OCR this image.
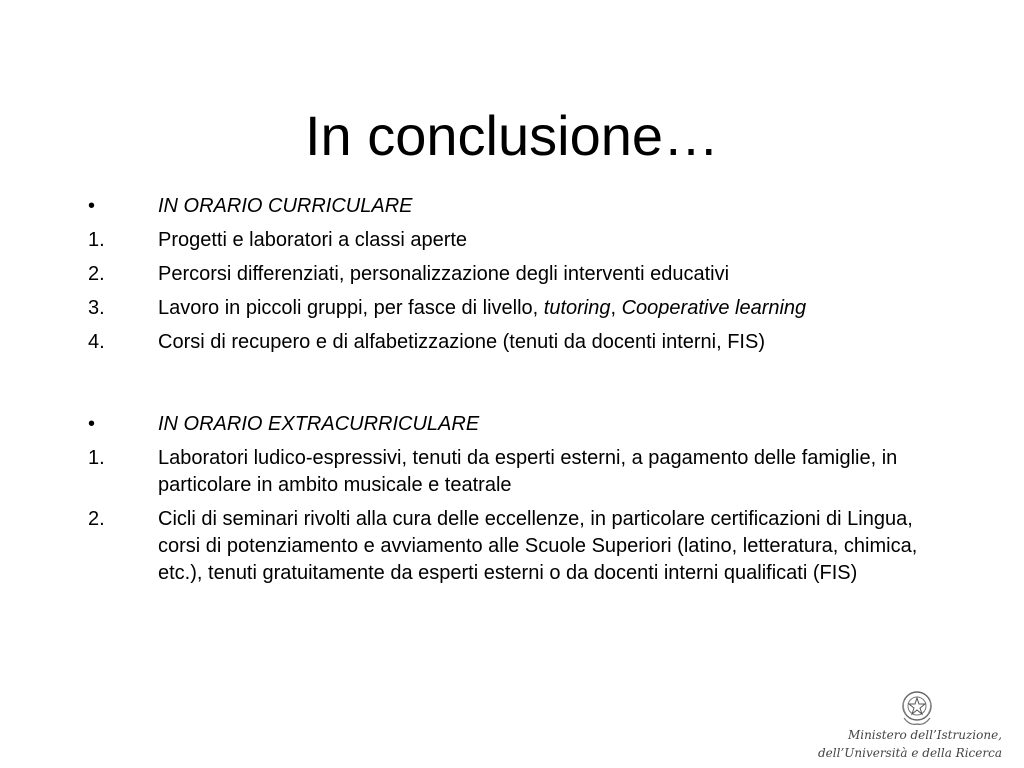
In conclusione…
•	IN ORARIO CURRICULARE
1.	Progetti e laboratori a classi aperte
2.	Percorsi differenziati, personalizzazione degli interventi educativi
3.	Lavoro in piccoli gruppi, per fasce di livello, tutoring, Cooperative learning
4.	Corsi di recupero e di alfabetizzazione (tenuti da docenti interni, FIS)
•	IN ORARIO EXTRACURRICULARE
1.	Laboratori ludico-espressivi, tenuti da esperti esterni, a pagamento delle famiglie, in particolare in ambito musicale e teatrale
2.	Cicli di seminari rivolti alla cura delle eccellenze, in particolare certificazioni di Lingua, corsi di potenziamento e avviamento alle Scuole Superiori (latino, letteratura, chimica, etc.), tenuti gratuitamente da esperti esterni o da docenti interni qualificati (FIS)
Ministero dell’Istruzione,
dell’Università e della Ricerca
